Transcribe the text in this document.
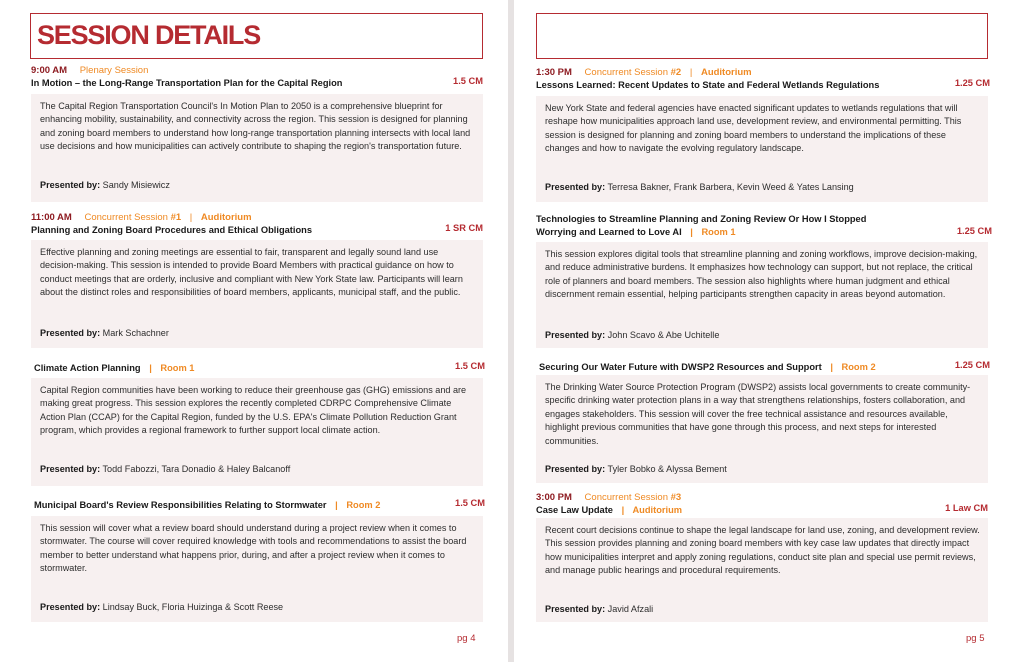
SESSION DETAILS
9:00 AM Plenary Session
In Motion – the Long-Range Transportation Plan for the Capital Region	1.5 CM

The Capital Region Transportation Council's In Motion Plan to 2050 is a comprehensive blueprint for enhancing mobility, sustainability, and connectivity across the region. This session is designed for planning and zoning board members to understand how long-range transportation planning intersects with local land use decisions and how municipalities can actively contribute to shaping the region's transportation future.

Presented by: Sandy Misiewicz
11:00 AM Concurrent Session #1 | Auditorium
Planning and Zoning Board Procedures and Ethical Obligations	1 SR CM

Effective planning and zoning meetings are essential to fair, transparent and legally sound land use decision-making. This session is intended to provide Board Members with practical guidance on how to conduct meetings that are orderly, inclusive and compliant with New York State law. Participants will learn about the distinct roles and responsibilities of board members, applicants, municipal staff, and the public.

Presented by: Mark Schachner
Climate Action Planning | Room 1	1.5 CM

Capital Region communities have been working to reduce their greenhouse gas (GHG) emissions and are making great progress. This session explores the recently completed CDRPC Comprehensive Climate Action Plan (CCAP) for the Capital Region, funded by the U.S. EPA's Climate Pollution Reduction Grant program, which provides a regional framework to further support local climate action.

Presented by: Todd Fabozzi, Tara Donadio & Haley Balcanoff
Municipal Board's Review Responsibilities Relating to Stormwater | Room 2	1.5 CM

This session will cover what a review board should understand during a project review when it comes to stormwater. The course will cover required knowledge with tools and recommendations to assist the board member to better understand what happens prior, during, and after a project review when it comes to stormwater.

Presented by: Lindsay Buck, Floria Huizinga & Scott Reese
pg 4
1:30 PM Concurrent Session #2 | Auditorium
Lessons Learned: Recent Updates to State and Federal Wetlands Regulations	1.25 CM

New York State and federal agencies have enacted significant updates to wetlands regulations that will reshape how municipalities approach land use, development review, and environmental permitting. This session is designed for planning and zoning board members to understand the implications of these changes and how to navigate the evolving regulatory landscape.

Presented by: Terresa Bakner, Frank Barbera, Kevin Weed & Yates Lansing
Technologies to Streamline Planning and Zoning Review Or How I Stopped
Worrying and Learned to Love AI | Room 1	1.25 CM

This session explores digital tools that streamline planning and zoning workflows, improve decision-making, and reduce administrative burdens. It emphasizes how technology can support, but not replace, the critical role of planners and board members. The session also highlights where human judgment and ethical discernment remain essential, helping participants strengthen capacity in areas beyond automation.

Presented by: John Scavo & Abe Uchitelle
Securing Our Water Future with DWSP2 Resources and Support | Room 2	1.25 CM

The Drinking Water Source Protection Program (DWSP2) assists local governments to create community-specific drinking water protection plans in a way that strengthens relationships, fosters collaboration, and engages stakeholders. This session will cover the free technical assistance and resources available, highlight previous communities that have gone through this process, and next steps for interested communities.

Presented by: Tyler Bobko & Alyssa Bement
3:00 PM Concurrent Session #3
Case Law Update | Auditorium	1 Law CM

Recent court decisions continue to shape the legal landscape for land use, zoning, and development review. This session provides planning and zoning board members with key case law updates that directly impact how municipalities interpret and apply zoning regulations, conduct site plan and special use permit reviews, and manage public hearings and procedural requirements.

Presented by: Javid Afzali
pg 5
